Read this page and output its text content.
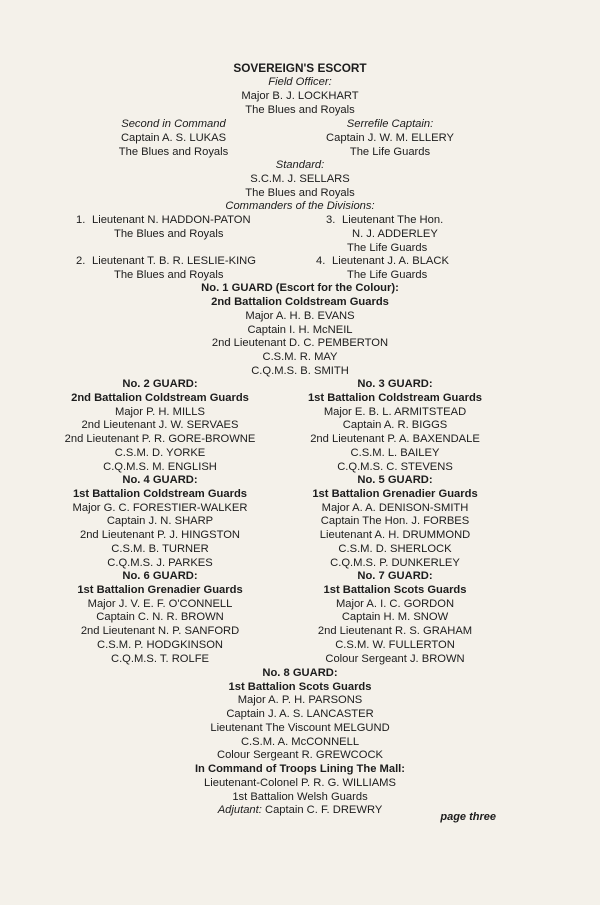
SOVEREIGN'S ESCORT
Field Officer:
Major B. J. LOCKHART
The Blues and Royals
Second in Command
Captain A. S. LUKAS
The Blues and Royals
Serrefile Captain:
Captain J. W. M. ELLERY
The Life Guards
Standard:
S.C.M. J. SELLARS
The Blues and Royals
Commanders of the Divisions:
1. Lieutenant N. HADDON-PATON
The Blues and Royals
3. Lieutenant The Hon.
N. J. ADDERLEY
The Life Guards
2. Lieutenant T. B. R. LESLIE-KING
The Blues and Royals
4. Lieutenant J. A. BLACK
The Life Guards
No. 1 GUARD (Escort for the Colour):
2nd Battalion Coldstream Guards
Major A. H. B. EVANS
Captain I. H. McNEIL
2nd Lieutenant D. C. PEMBERTON
C.S.M. R. MAY
C.Q.M.S. B. SMITH
No. 2 GUARD:
2nd Battalion Coldstream Guards
Major P. H. MILLS
2nd Lieutenant J. W. SERVAES
2nd Lieutenant P. R. GORE-BROWNE
C.S.M. D. YORKE
C.Q.M.S. M. ENGLISH
No. 3 GUARD:
1st Battalion Coldstream Guards
Major E. B. L. ARMITSTEAD
Captain A. R. BIGGS
2nd Lieutenant P. A. BAXENDALE
C.S.M. L. BAILEY
C.Q.M.S. C. STEVENS
No. 4 GUARD:
1st Battalion Coldstream Guards
Major G. C. FORESTIER-WALKER
Captain J. N. SHARP
2nd Lieutenant P. J. HINGSTON
C.S.M. B. TURNER
C.Q.M.S. J. PARKES
No. 5 GUARD:
1st Battalion Grenadier Guards
Major A. A. DENISON-SMITH
Captain The Hon. J. FORBES
Lieutenant A. H. DRUMMOND
C.S.M. D. SHERLOCK
C.Q.M.S. P. DUNKERLEY
No. 6 GUARD:
1st Battalion Grenadier Guards
Major J. V. E. F. O'CONNELL
Captain C. N. R. BROWN
2nd Lieutenant N. P. SANFORD
C.S.M. P. HODGKINSON
C.Q.M.S. T. ROLFE
No. 7 GUARD:
1st Battalion Scots Guards
Major A. I. C. GORDON
Captain H. M. SNOW
2nd Lieutenant R. S. GRAHAM
C.S.M. W. FULLERTON
Colour Sergeant J. BROWN
No. 8 GUARD:
1st Battalion Scots Guards
Major A. P. H. PARSONS
Captain J. A. S. LANCASTER
Lieutenant The Viscount MELGUND
C.S.M. A. McCONNELL
Colour Sergeant R. GREWCOCK
In Command of Troops Lining The Mall:
Lieutenant-Colonel P. R. G. WILLIAMS
1st Battalion Welsh Guards
Adjutant: Captain C. F. DREWRY
page three
